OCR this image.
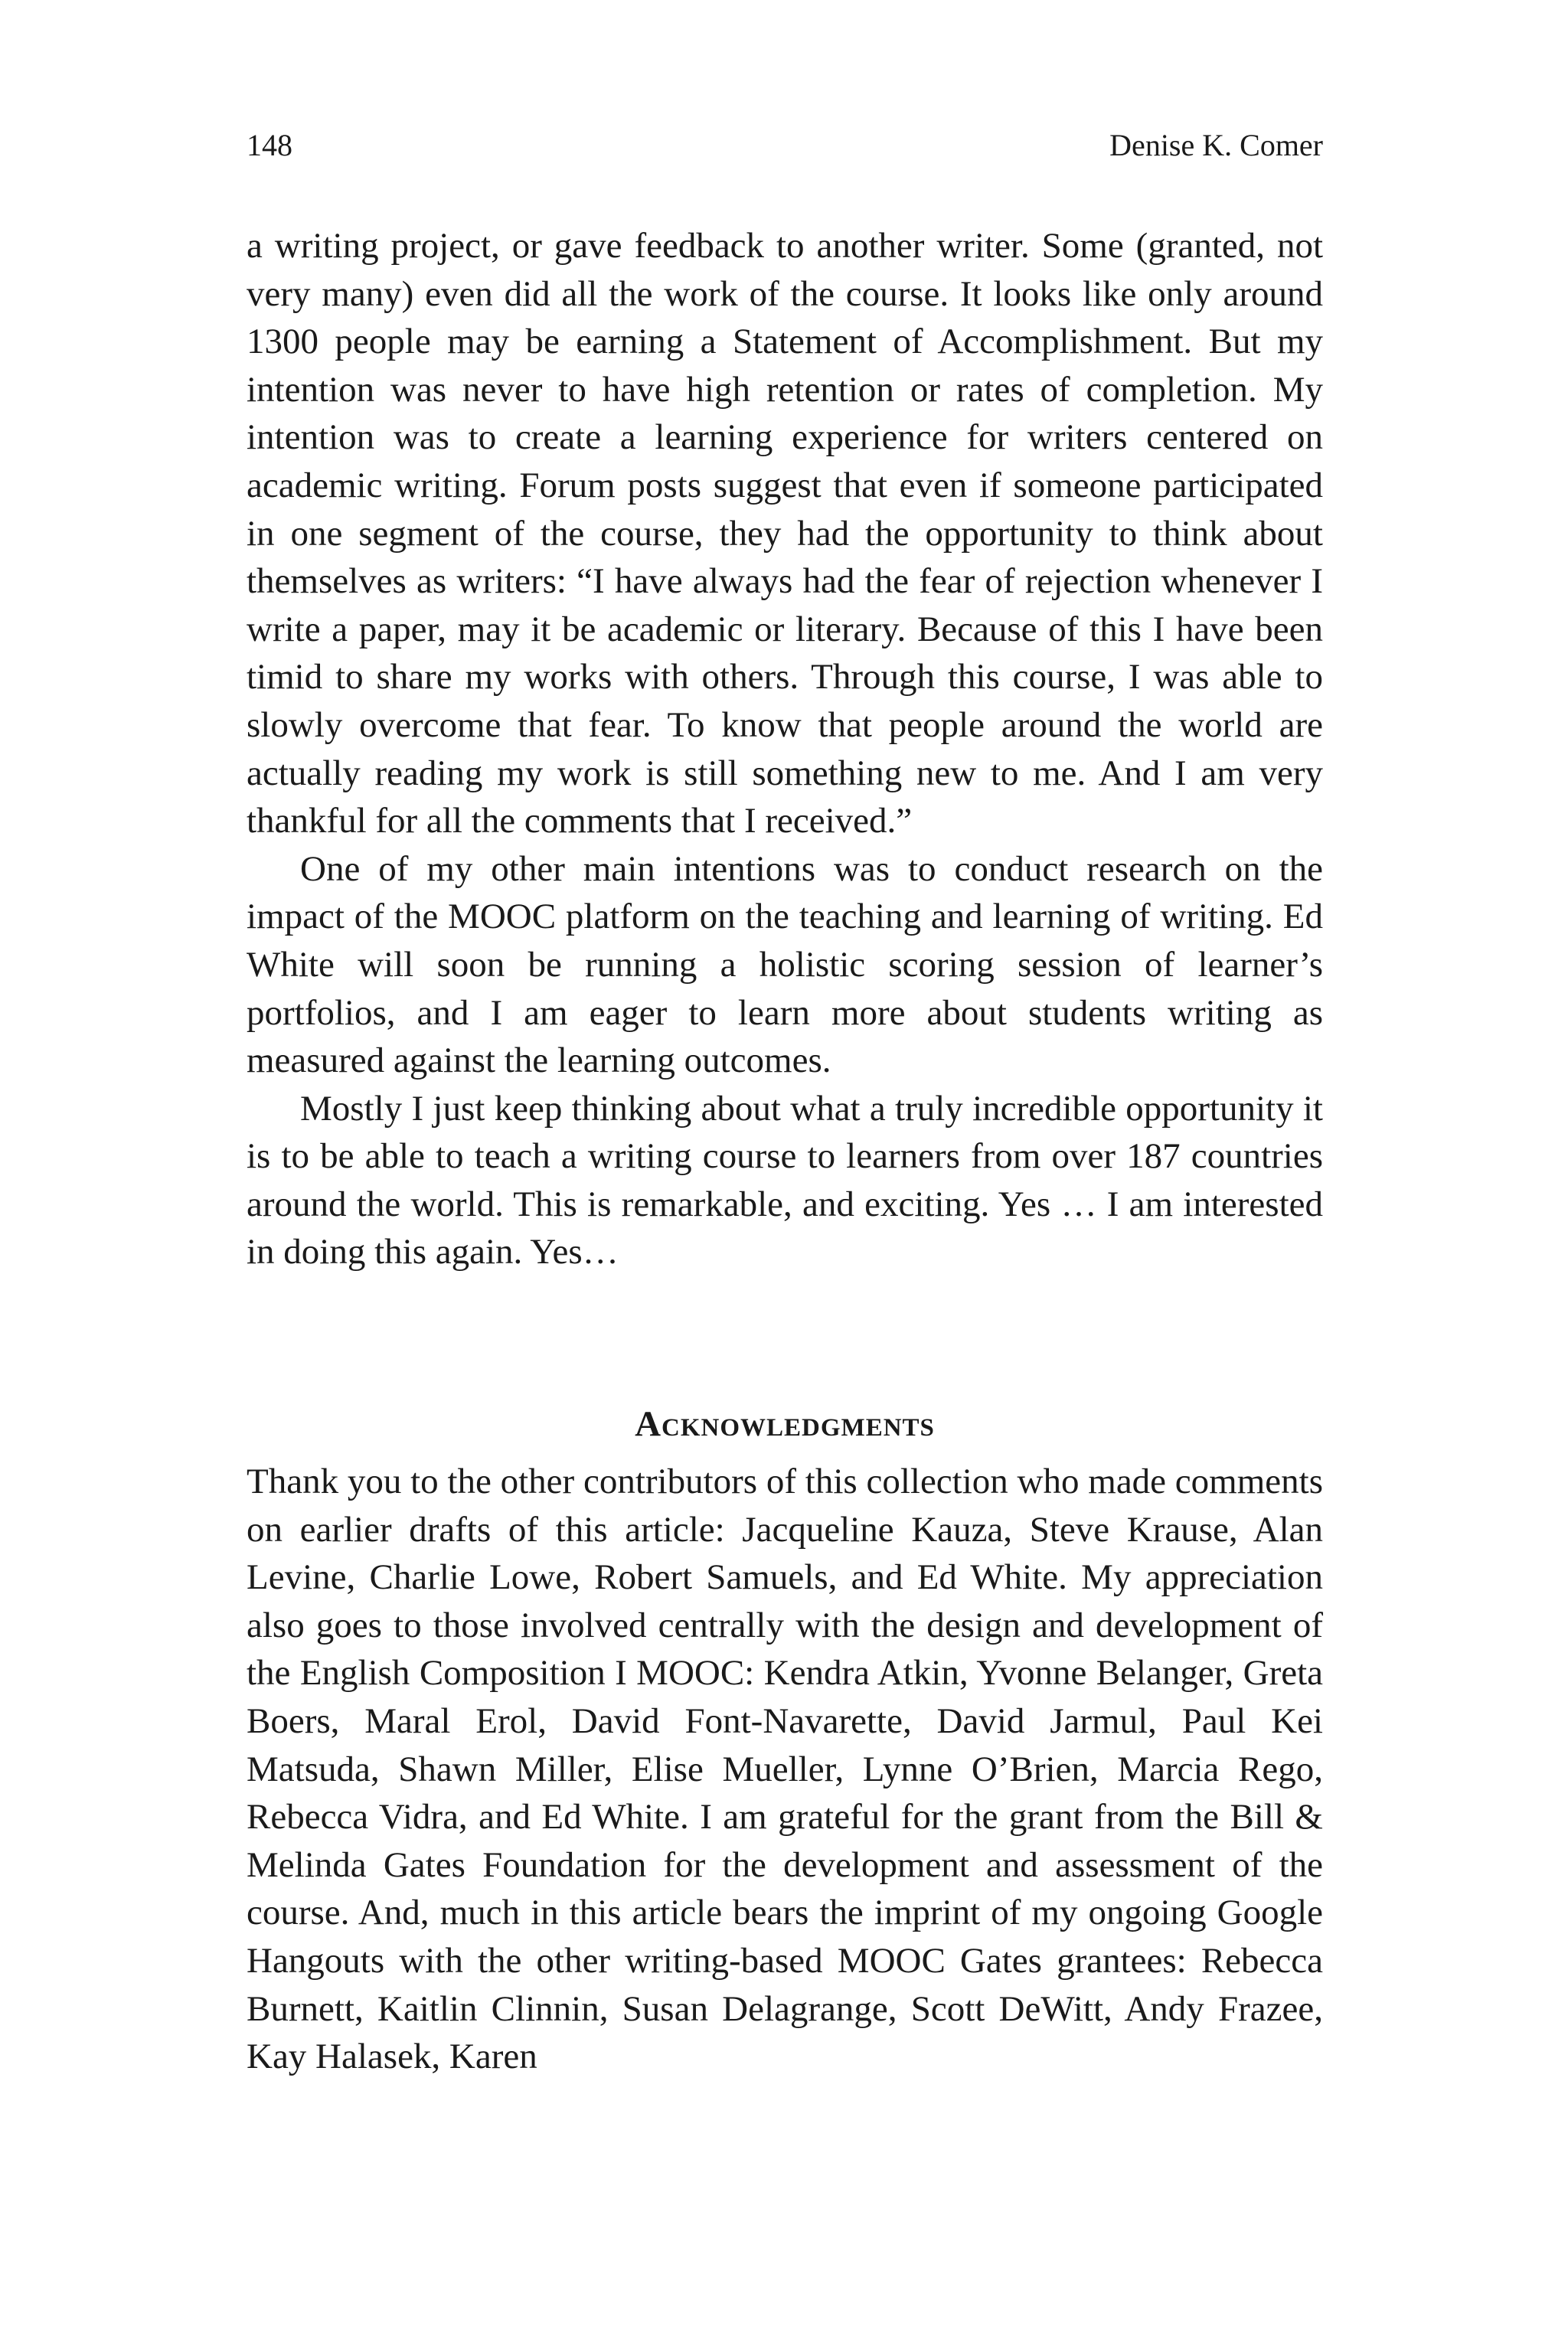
148	Denise K. Comer

a writing project, or gave feedback to another writer. Some (granted, not very many) even did all the work of the course. It looks like only around 1300 people may be earning a Statement of Accomplishment. But my intention was never to have high retention or rates of completion. My intention was to create a learning experience for writers centered on academic writing. Forum posts suggest that even if someone participated in one segment of the course, they had the opportunity to think about themselves as writers: “I have always had the fear of rejection whenever I write a paper, may it be academic or literary. Because of this I have been timid to share my works with others. Through this course, I was able to slowly overcome that fear. To know that people around the world are actually reading my work is still something new to me. And I am very thankful for all the comments that I received.”

One of my other main intentions was to conduct research on the impact of the MOOC platform on the teaching and learning of writing. Ed White will soon be running a holistic scoring session of learner’s portfolios, and I am eager to learn more about students writing as measured against the learning outcomes.

Mostly I just keep thinking about what a truly incredible opportunity it is to be able to teach a writing course to learners from over 187 countries around the world. This is remarkable, and exciting. Yes … I am interested in doing this again. Yes…

Acknowledgments

Thank you to the other contributors of this collection who made comments on earlier drafts of this article: Jacqueline Kauza, Steve Krause, Alan Levine, Charlie Lowe, Robert Samuels, and Ed White. My appreciation also goes to those involved centrally with the design and development of the English Composition I MOOC: Kendra Atkin, Yvonne Belanger, Greta Boers, Maral Erol, David Font-Navarette, David Jarmul, Paul Kei Matsuda, Shawn Miller, Elise Mueller, Lynne O’Brien, Marcia Rego, Rebecca Vidra, and Ed White. I am grateful for the grant from the Bill & Melinda Gates Foundation for the development and assessment of the course. And, much in this article bears the imprint of my ongoing Google Hangouts with the other writing-based MOOC Gates grantees: Rebecca Burnett, Kaitlin Clinnin, Susan Delagrange, Scott DeWitt, Andy Frazee, Kay Halasek, Karen
